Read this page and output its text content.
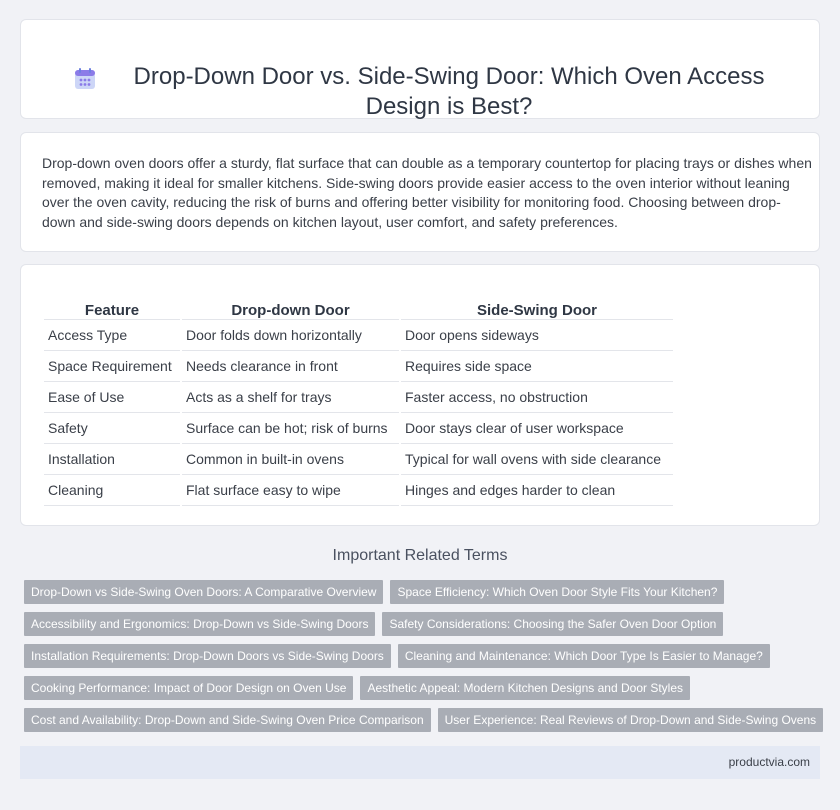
Drop-Down Door vs. Side-Swing Door: Which Oven Access Design is Best?

Drop-down oven doors offer a sturdy, flat surface that can double as a temporary countertop for placing trays or dishes when removed, making it ideal for smaller kitchens. Side-swing doors provide easier access to the oven interior without leaning over the oven cavity, reducing the risk of burns and offering better visibility for monitoring food. Choosing between drop-down and side-swing doors depends on kitchen layout, user comfort, and safety preferences.

Feature	Drop-down Door	Side-Swing Door
Access Type	Door folds down horizontally	Door opens sideways
Space Requirement	Needs clearance in front	Requires side space
Ease of Use	Acts as a shelf for trays	Faster access, no obstruction
Safety	Surface can be hot; risk of burns	Door stays clear of user workspace
Installation	Common in built-in ovens	Typical for wall ovens with side clearance
Cleaning	Flat surface easy to wipe	Hinges and edges harder to clean
Important Related Terms
Drop-Down vs Side-Swing Oven Doors: A Comparative Overview	Space Efficiency: Which Oven Door Style Fits Your Kitchen?
Accessibility and Ergonomics: Drop-Down vs Side-Swing Doors	Safety Considerations: Choosing the Safer Oven Door Option
Installation Requirements: Drop-Down Doors vs Side-Swing Doors	Cleaning and Maintenance: Which Door Type Is Easier to Manage?
Cooking Performance: Impact of Door Design on Oven Use	Aesthetic Appeal: Modern Kitchen Designs and Door Styles
Cost and Availability: Drop-Down and Side-Swing Oven Price Comparison	User Experience: Real Reviews of Drop-Down and Side-Swing Ovens
productvia.com
